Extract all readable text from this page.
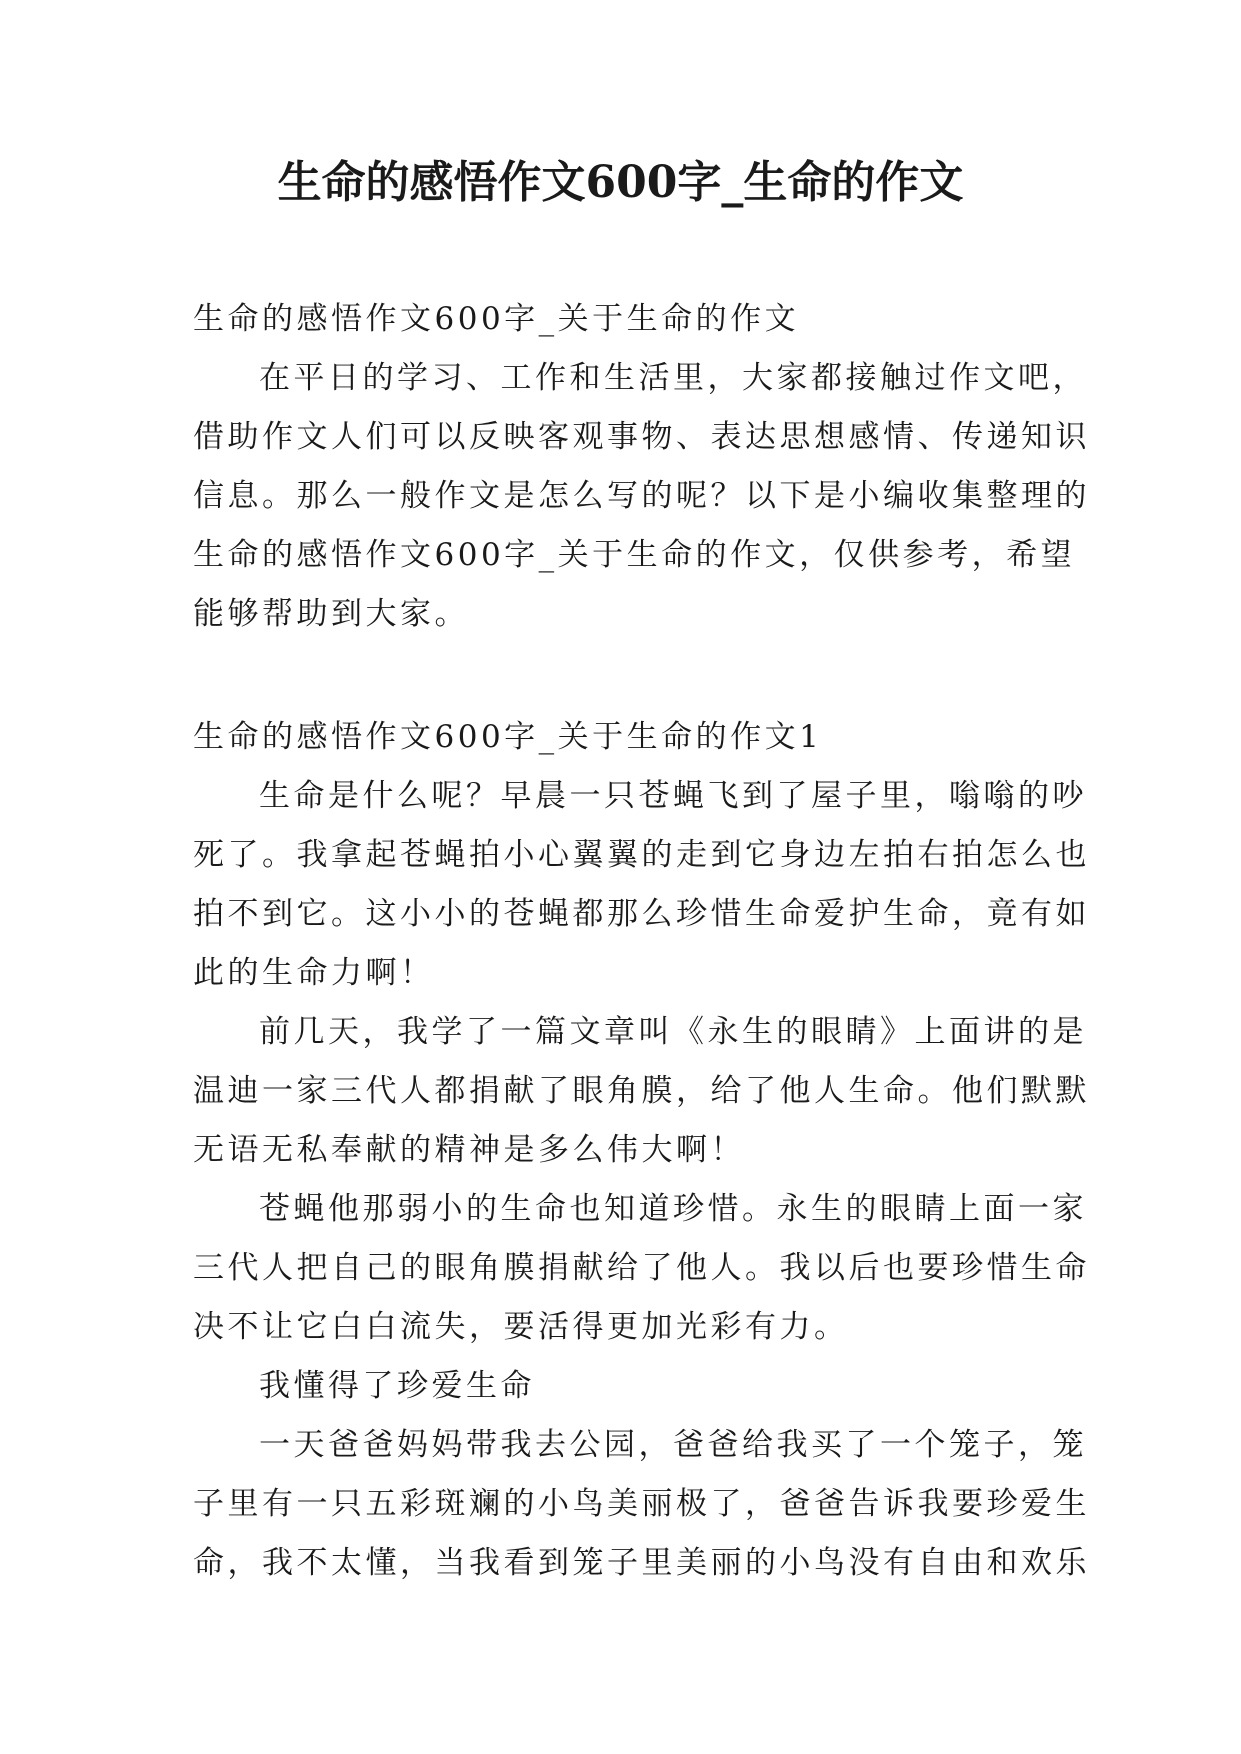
生命的感悟作文600字_生命的作文

生命的感悟作文600字_关于生命的作文

在平日的学习、工作和生活里，大家都接触过作文吧，

借助作文人们可以反映客观事物、表达思想感情、传递知识

信息。那么一般作文是怎么写的呢？以下是小编收集整理的

生命的感悟作文600字_关于生命的作文，仅供参考，希望

能够帮助到大家。

生命的感悟作文600字_关于生命的作文1

生命是什么呢？早晨一只苍蝇飞到了屋子里，嗡嗡的吵

死了。我拿起苍蝇拍小心翼翼的走到它身边左拍右拍怎么也

拍不到它。这小小的苍蝇都那么珍惜生命爱护生命，竟有如

此的生命力啊！

前几天，我学了一篇文章叫《永生的眼睛》上面讲的是

温迪一家三代人都捐献了眼角膜，给了他人生命。他们默默

无语无私奉献的精神是多么伟大啊！

苍蝇他那弱小的生命也知道珍惜。永生的眼睛上面一家

三代人把自己的眼角膜捐献给了他人。我以后也要珍惜生命

决不让它白白流失，要活得更加光彩有力。

我懂得了珍爱生命

一天爸爸妈妈带我去公园，爸爸给我买了一个笼子，笼

子里有一只五彩斑斓的小鸟美丽极了，爸爸告诉我要珍爱生

命，我不太懂，当我看到笼子里美丽的小鸟没有自由和欢乐
